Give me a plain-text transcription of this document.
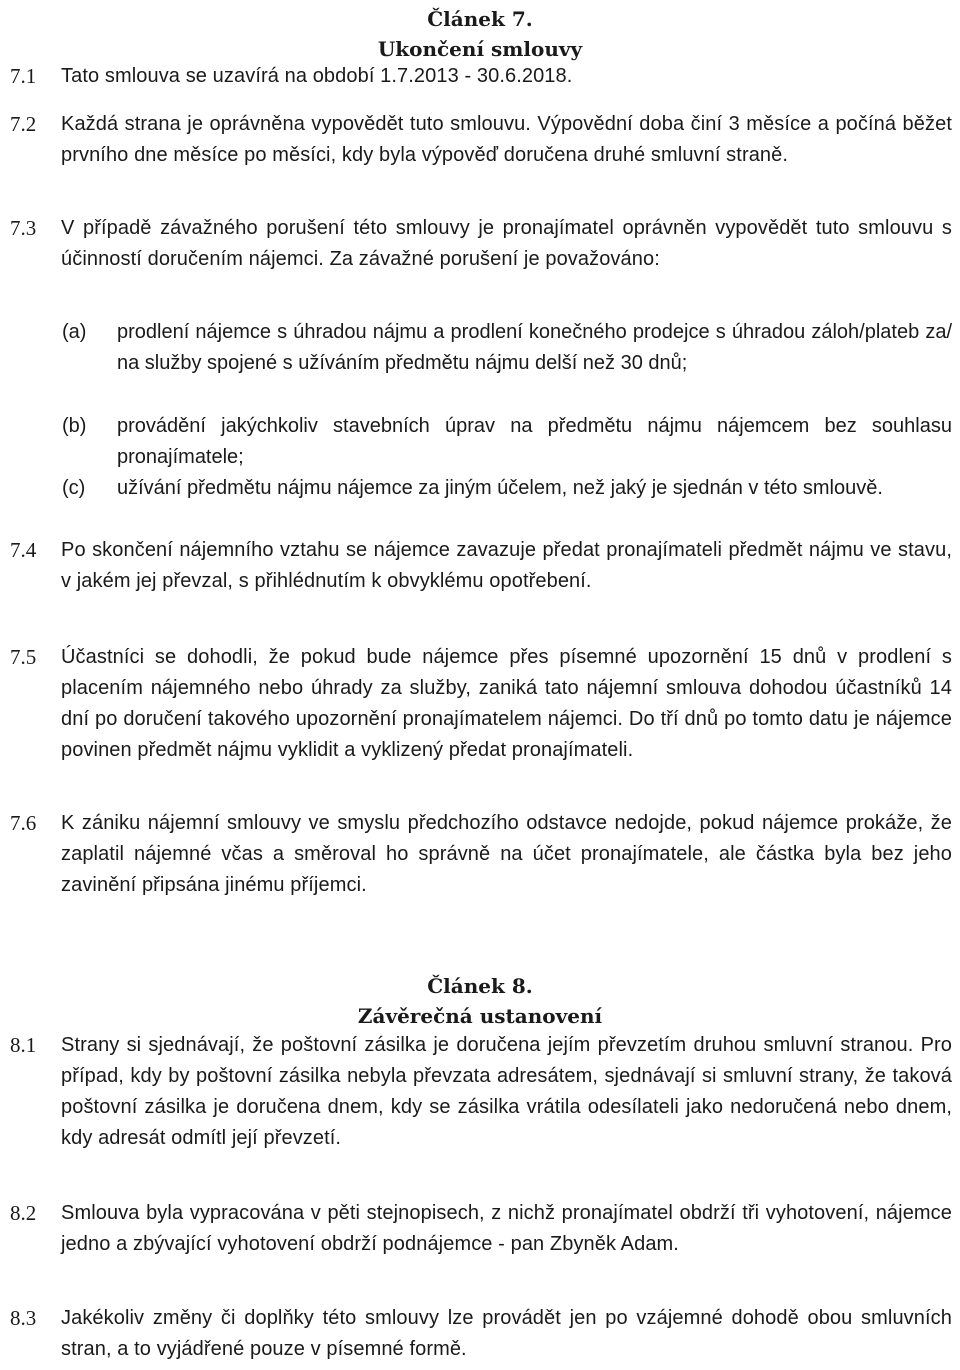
Článek 7.
Ukončení smlouvy
7.1 Tato smlouva se uzavírá na období 1.7.2013 - 30.6.2018.
7.2 Každá strana je oprávněna vypovědět tuto smlouvu. Výpovědní doba činí 3 měsíce a počíná běžet prvního dne měsíce po měsíci, kdy byla výpověď doručena druhé smluvní straně.
7.3 V případě závažného porušení této smlouvy je pronajímatel oprávněn vypovědět tuto smlouvu s účinností doručením nájemci. Za závažné porušení je považováno:
(a) prodlení nájemce s úhradou nájmu a prodlení konečného prodejce s úhradou záloh/plateb za/ na služby spojené s užíváním předmětu nájmu delší než 30 dnů;
(b) provádění jakýchkoliv stavebních úprav na předmětu nájmu nájemcem bez souhlasu pronajímatele;
(c) užívání předmětu nájmu nájemce za jiným účelem, než jaký je sjednán v této smlouvě.
7.4 Po skončení nájemního vztahu se nájemce zavazuje předat pronajímateli předmět nájmu ve stavu, v jakém jej převzal, s přihlédnutím k obvyklému opotřebení.
7.5 Účastníci se dohodli, že pokud bude nájemce přes písemné upozornění 15 dnů v prodlení s placením nájemného nebo úhrady za služby, zaniká tato nájemní smlouva dohodou účastníků 14 dní po doručení takového upozornění pronajímatelem nájemci. Do tří dnů po tomto datu je nájemce povinen předmět nájmu vyklidit a vyklizený předat pronajímateli.
7.6 K zániku nájemní smlouvy ve smyslu předchozího odstavce nedojde, pokud nájemce prokáže, že zaplatil nájemné včas a směroval ho správně na účet pronajímatele, ale částka byla bez jeho zavinění připsána jinému příjemci.
Článek 8.
Závěrečná ustanovení
8.1 Strany si sjednávají, že poštovní zásilka je doručena jejím převzetím druhou smluvní stranou. Pro případ, kdy by poštovní zásilka nebyla převzata adresátem, sjednávají si smluvní strany, že taková poštovní zásilka je doručena dnem, kdy se zásilka vrátila odesílateli jako nedoručená nebo dnem, kdy adresát odmítl její převzetí.
8.2 Smlouva byla vypracována v pěti stejnopisech, z nichž pronajímatel obdrží tři vyhotovení, nájemce jedno a zbývající vyhotovení obdrží podnájemce - pan Zbyněk Adam.
8.3 Jakékoliv změny či doplňky této smlouvy lze provádět jen po vzájemné dohodě obou smluvních stran, a to vyjádřené pouze v písemné formě.
